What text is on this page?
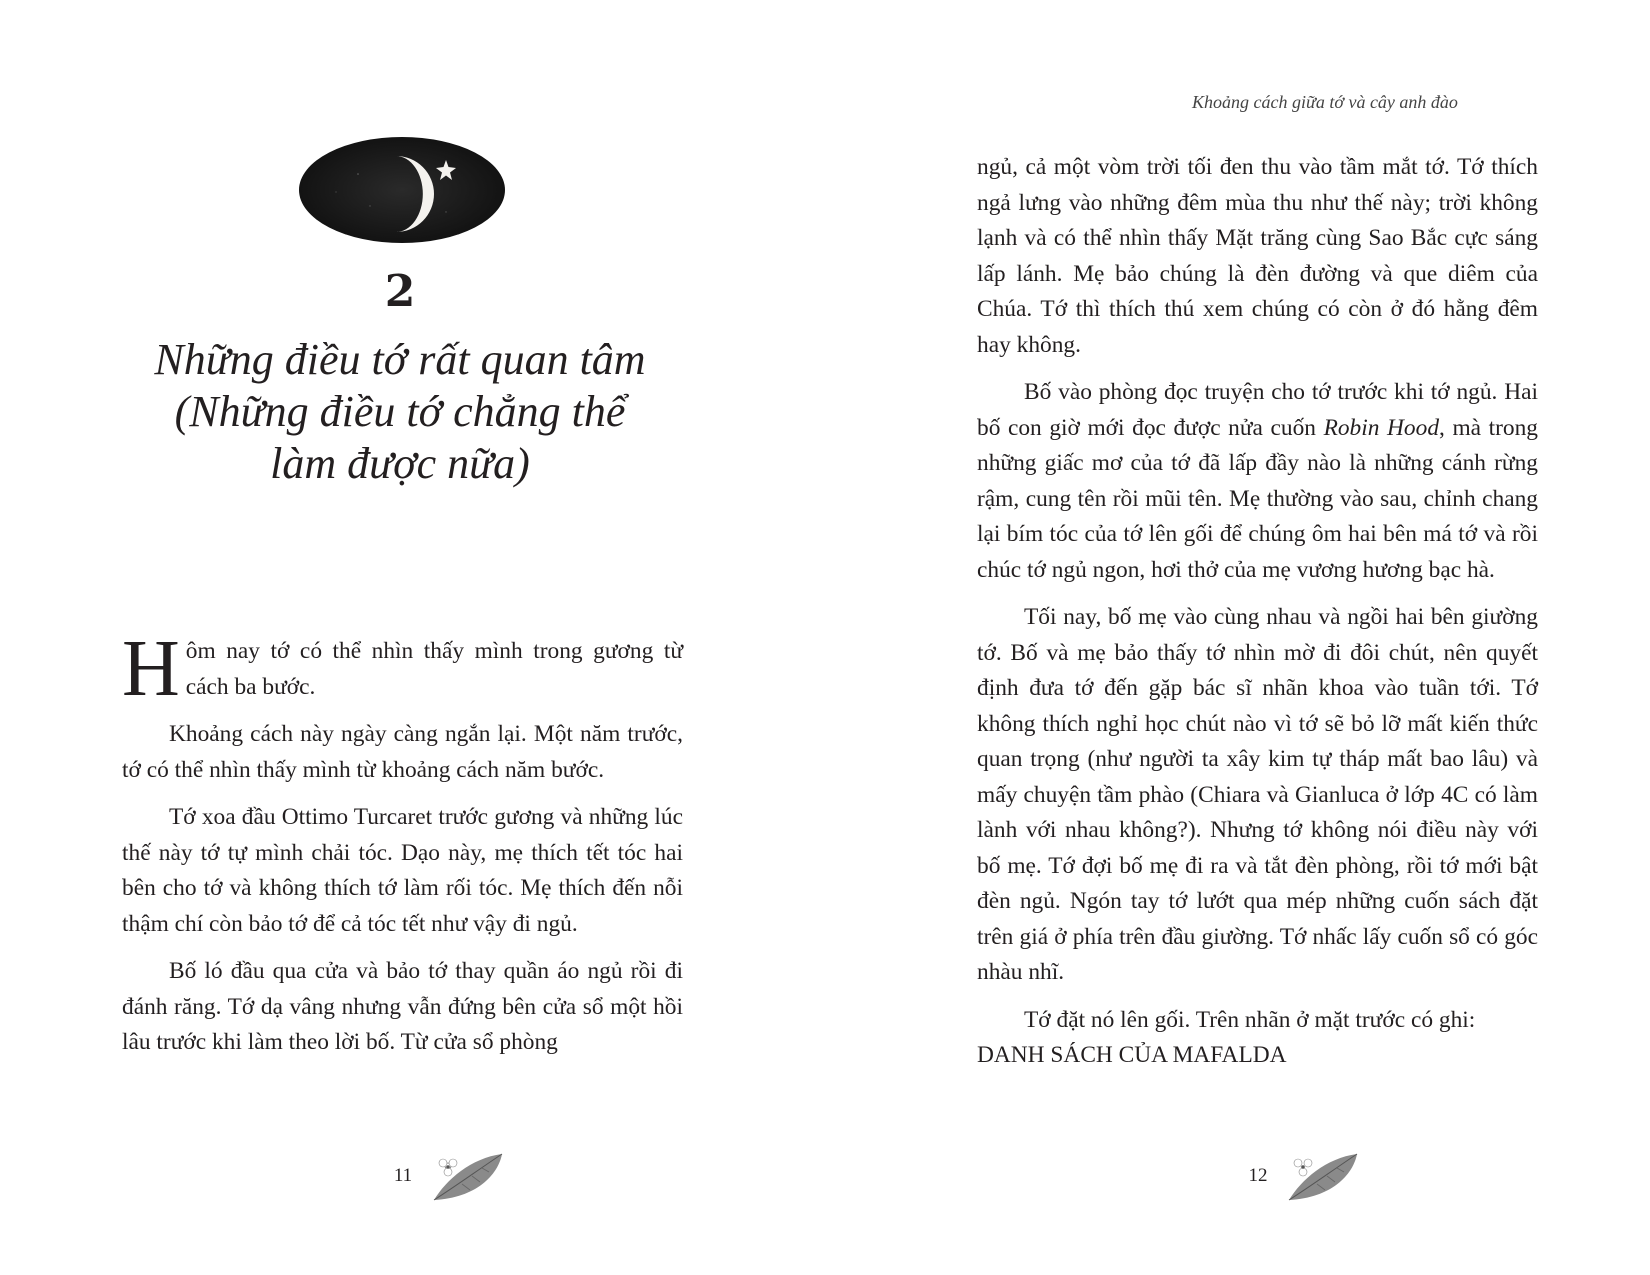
2
Những điều tớ rất quan tâm
(Những điều tớ chẳng thể
làm được nữa)

Hôm nay tớ có thể nhìn thấy mình trong gương từ cách ba bước.

Khoảng cách này ngày càng ngắn lại. Một năm trước, tớ có thể nhìn thấy mình từ khoảng cách năm bước.

Tớ xoa đầu Ottimo Turcaret trước gương và những lúc thế này tớ tự mình chải tóc. Dạo này, mẹ thích tết tóc hai bên cho tớ và không thích tớ làm rối tóc. Mẹ thích đến nỗi thậm chí còn bảo tớ để cả tóc tết như vậy đi ngủ.

Bố ló đầu qua cửa và bảo tớ thay quần áo ngủ rồi đi đánh răng. Tớ dạ vâng nhưng vẫn đứng bên cửa sổ một hồi lâu trước khi làm theo lời bố. Từ cửa sổ phòng

11
Khoảng cách giữa tớ và cây anh đào

ngủ, cả một vòm trời tối đen thu vào tầm mắt tớ. Tớ thích ngả lưng vào những đêm mùa thu như thế này; trời không lạnh và có thể nhìn thấy Mặt trăng cùng Sao Bắc cực sáng lấp lánh. Mẹ bảo chúng là đèn đường và que diêm của Chúa. Tớ thì thích thú xem chúng có còn ở đó hằng đêm hay không.

Bố vào phòng đọc truyện cho tớ trước khi tớ ngủ. Hai bố con giờ mới đọc được nửa cuốn Robin Hood, mà trong những giấc mơ của tớ đã lấp đầy nào là những cánh rừng rậm, cung tên rồi mũi tên. Mẹ thường vào sau, chỉnh chang lại bím tóc của tớ lên gối để chúng ôm hai bên má tớ và rồi chúc tớ ngủ ngon, hơi thở của mẹ vương hương bạc hà.

Tối nay, bố mẹ vào cùng nhau và ngồi hai bên giường tớ. Bố và mẹ bảo thấy tớ nhìn mờ đi đôi chút, nên quyết định đưa tớ đến gặp bác sĩ nhãn khoa vào tuần tới. Tớ không thích nghỉ học chút nào vì tớ sẽ bỏ lỡ mất kiến thức quan trọng (như người ta xây kim tự tháp mất bao lâu) và mấy chuyện tầm phào (Chiara và Gianluca ở lớp 4C có làm lành với nhau không?). Nhưng tớ không nói điều này với bố mẹ. Tớ đợi bố mẹ đi ra và tắt đèn phòng, rồi tớ mới bật đèn ngủ. Ngón tay tớ lướt qua mép những cuốn sách đặt trên giá ở phía trên đầu giường. Tớ nhấc lấy cuốn sổ có góc nhàu nhĩ.

Tớ đặt nó lên gối. Trên nhãn ở mặt trước có ghi:

DANH SÁCH CỦA MAFALDA

12
